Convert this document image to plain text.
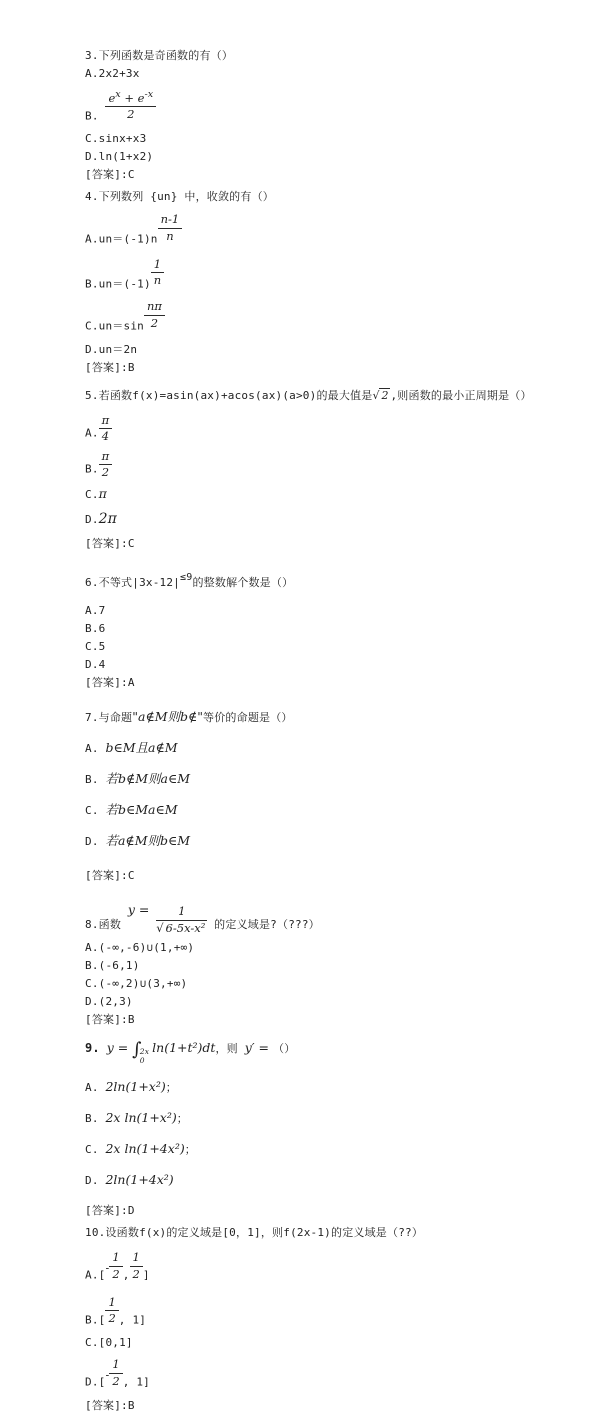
3.下列函数是奇函数的有（）

A.2x2+3x

B. $\frac{e^x + e^{-x}}{2}$

C.sinx+x3

D.ln(1+x2)

[答案]:C

4.下列数列 {un} 中，收敛的有（）

$A.un=(-1)n \frac{n-1}{n}$

$B.un=(-1) \frac{1}{n}$

$C.un=\sin \frac{n\pi}{2}$

D.un＝2n

[答案]:B

5.若函数f(x)=asin(ax)+acos(ax)(a>0)的最大值是√ 2 ,则函数的最小正周期是（）

A. $\frac{\pi}{4}$

B. $\frac{\pi}{2}$

C.π

D.2π

[答案]:C

6.不等式|3x-12|≤9的整数解个数是（）

A.7

B.6

C.5

D.4

[答案]:A

7.与命题"a∉M则b∉"等价的命题是（）

A. b∈M且a∉M

B. 若b∉M则a∈M

C. 若b∈Ma∈M

D. 若a∉M则b∈M

[答案]:C

8.函数 $y = \frac{1}{\text{√ 6-5x-x²}}$ 的定义域是?（???）

A.(-∞,-6)∪(1,+∞)

B.(-6,1)

C.(-∞,2)∪(3,+∞)

D.(2,3)

[答案]:B

9. y = ∫
2x
0
ln(1+t²)dt，则 y′ = （）

A. 2ln(1+x²)；

B. 2x ln(1+x²)；

C. 2x ln(1+4x²)；

D. 2ln(1+4x²)

[答案]:D

10.设函数f(x)的定义域是[0，1]，则f(2x-1)的定义域是（??）

$A.[- \frac{1}{2}$ , $\frac{1}{2}$ ]

$B.[ \frac{1}{2}$ , 1]

C.[0,1]

$D.[- \frac{1}{2}$ , 1]

[答案]:B
